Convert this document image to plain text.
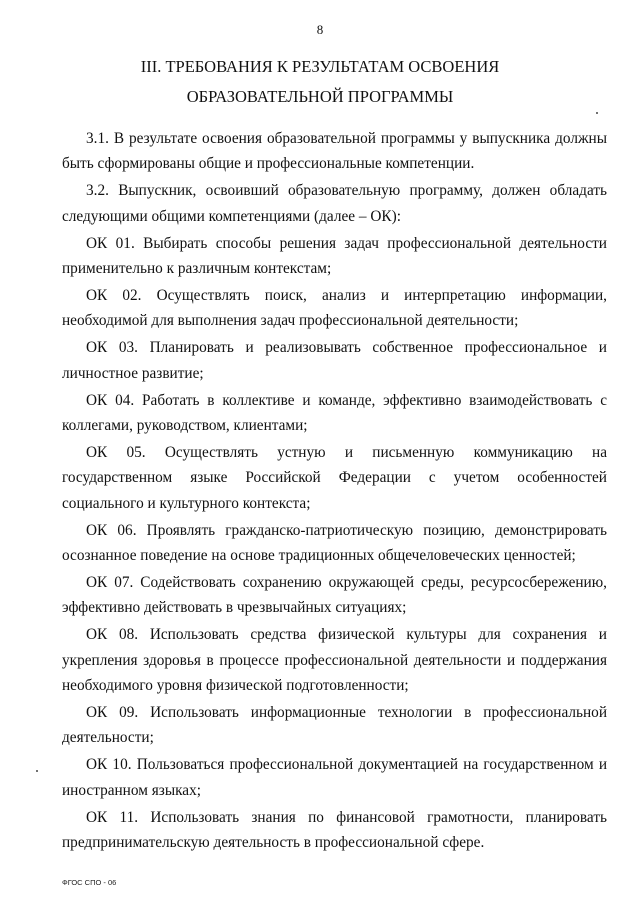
8
III. ТРЕБОВАНИЯ К РЕЗУЛЬТАТАМ ОСВОЕНИЯ
ОБРАЗОВАТЕЛЬНОЙ ПРОГРАММЫ

3.1. В результате освоения образовательной программы у выпускника должны быть сформированы общие и профессиональные компетенции.

3.2. Выпускник, освоивший образовательную программу, должен обладать следующими общими компетенциями (далее – ОК):

ОК 01. Выбирать способы решения задач профессиональной деятельности применительно к различным контекстам;

ОК 02. Осуществлять поиск, анализ и интерпретацию информации, необходимой для выполнения задач профессиональной деятельности;

ОК 03. Планировать и реализовывать собственное профессиональное и личностное развитие;

ОК 04. Работать в коллективе и команде, эффективно взаимодействовать с коллегами, руководством, клиентами;

ОК 05. Осуществлять устную и письменную коммуникацию на государственном языке Российской Федерации с учетом особенностей социального и культурного контекста;

ОК 06. Проявлять гражданско-патриотическую позицию, демонстрировать осознанное поведение на основе традиционных общечеловеческих ценностей;

ОК 07. Содействовать сохранению окружающей среды, ресурсосбережению, эффективно действовать в чрезвычайных ситуациях;

ОК 08. Использовать средства физической культуры для сохранения и укрепления здоровья в процессе профессиональной деятельности и поддержания необходимого уровня физической подготовленности;

ОК 09. Использовать информационные технологии в профессиональной деятельности;

ОК 10. Пользоваться профессиональной документацией на государственном и иностранном языках;

ОК 11. Использовать знания по финансовой грамотности, планировать предпринимательскую деятельность в профессиональной сфере.

ФГОС СПО - 06
